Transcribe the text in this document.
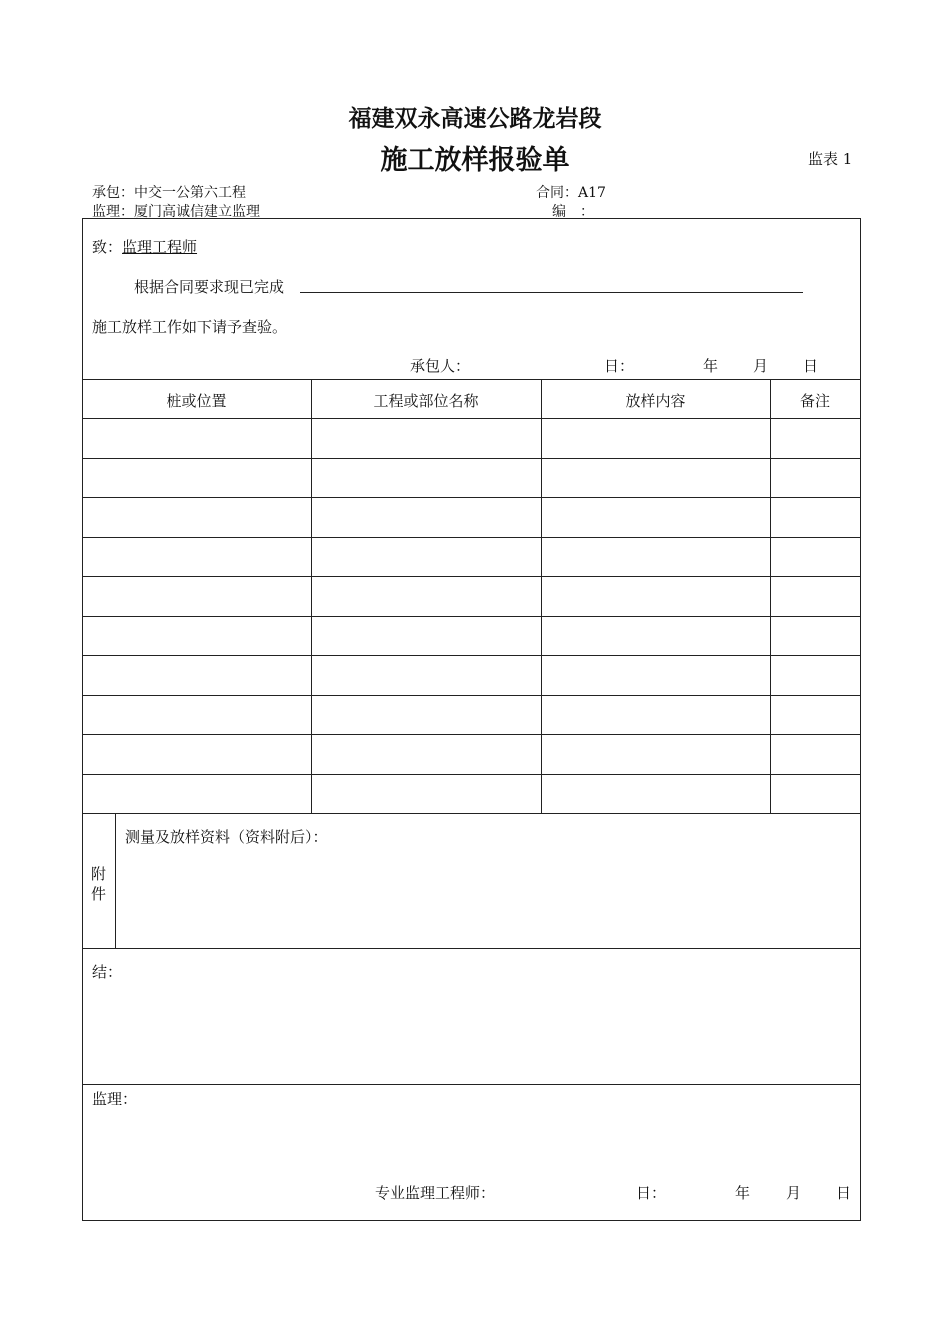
福建双永高速公路龙岩段
施工放样报验单	监表 1
承包：中交一公第六工程
监理：厦门高诚信建立监理
合同：A17
编　：
致：监理工程师
根据合同要求现已完成
施工放样工作如下请予查验。
承包人：	日：	年 月 日
桩或位置	工程或部位名称	放样内容	备注
附
件
测量及放样资料（资料附后）：
结：
监理：
专业监理工程师：	日：	年 月 日
